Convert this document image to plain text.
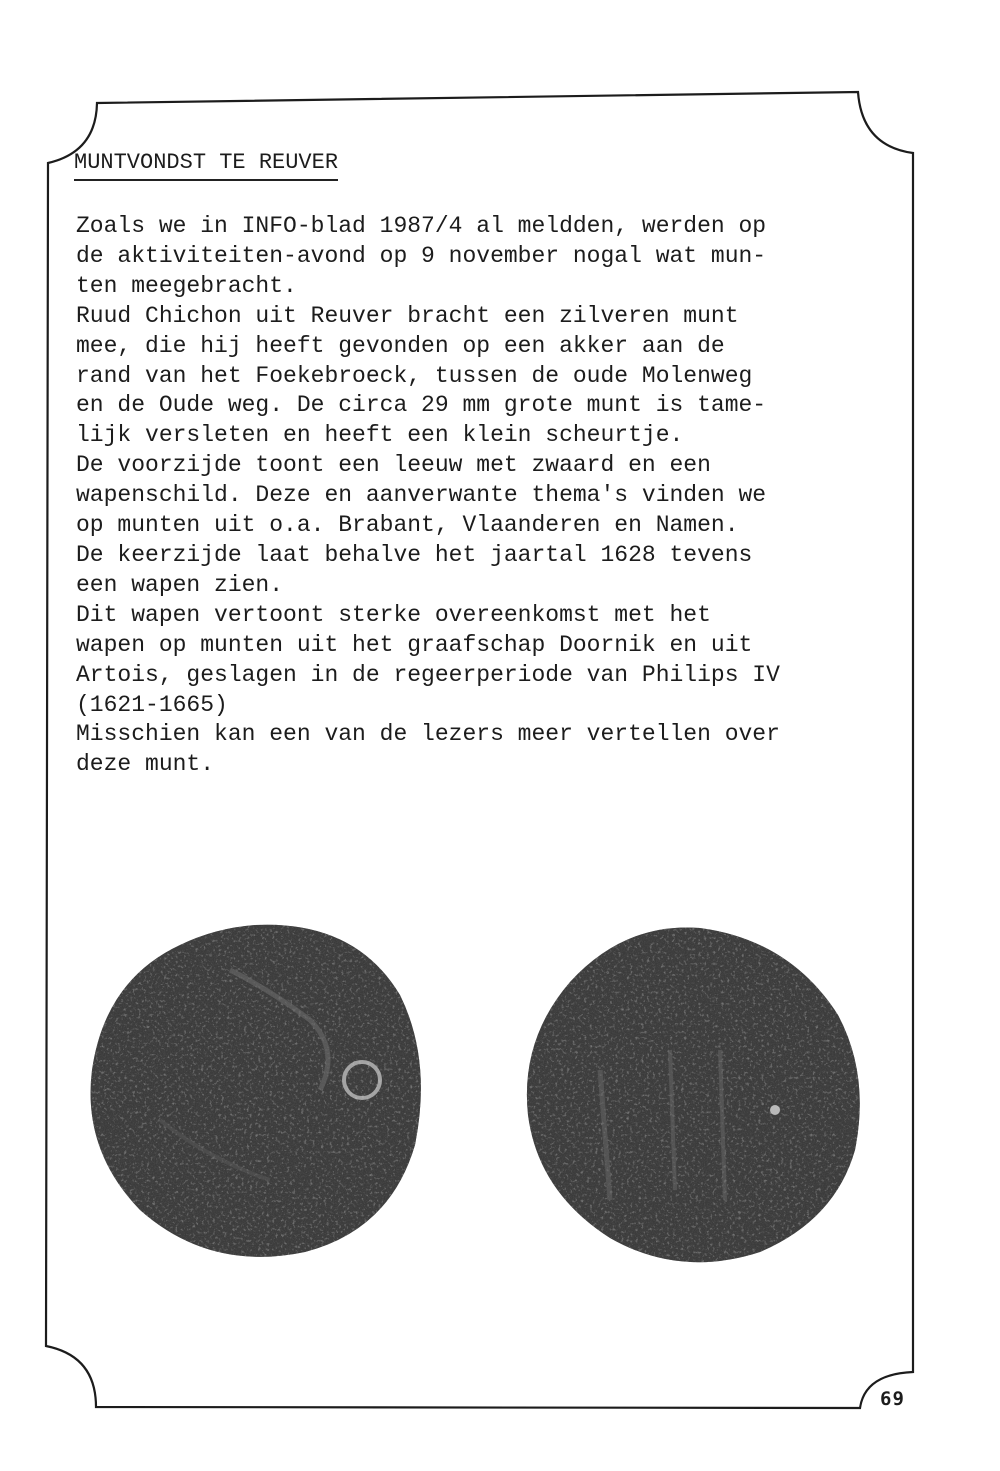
MUNTVONDST TE REUVER
Zoals we in INFO-blad 1987/4 al meldden, werden op
de aktiviteiten-avond op 9 november nogal wat mun-
ten meegebracht.
Ruud Chichon uit Reuver bracht een zilveren munt
mee, die hij heeft gevonden op een akker aan de
rand van het Foekebroeck, tussen de oude Molenweg
en de Oude weg. De circa 29 mm grote munt is tame-
lijk versleten en heeft een klein scheurtje.
De voorzijde toont een leeuw met zwaard en een
wapenschild. Deze en aanverwante thema's vinden we
op munten uit o.a. Brabant, Vlaanderen en Namen.
De keerzijde laat behalve het jaartal 1628 tevens
een wapen zien.
Dit wapen vertoont sterke overeenkomst met het
wapen op munten uit het graafschap Doornik en uit
Artois, geslagen in de regeerperiode van Philips IV
(1621-1665)
Misschien kan een van de lezers meer vertellen over
deze munt.
69
